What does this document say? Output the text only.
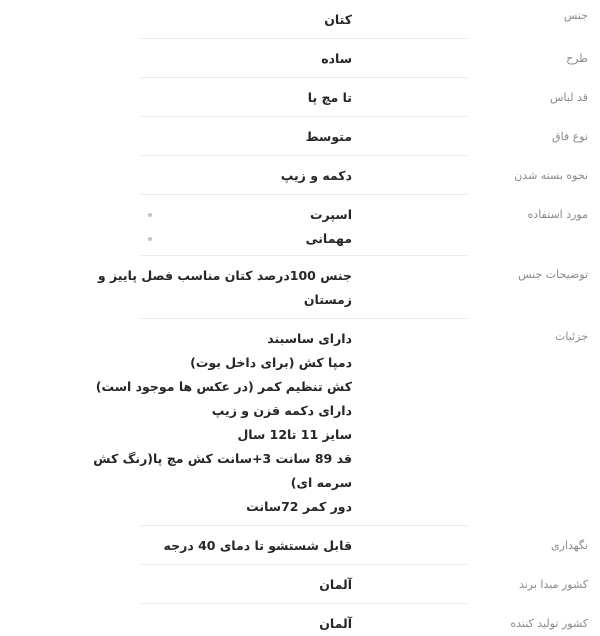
جنس
کتان
طرح
ساده
قد لباس
تا مچ پا
نوع فاق
متوسط
نحوه بسته شدن
دکمه و زیپ
مورد استفاده
اسپرت
مهمانی
توضیحات جنس
جنس 100درصد کتان مناسب فصل پاییز و
زمستان
جزئیات
دارای ساسبند
دمپا کش (برای داخل بوت)
کش تنظیم کمر (در عکس ها موجود است)
دارای دکمه قزن و زیپ
سایز 11 تا12 سال
قد 89 سانت 3+سانت کش مچ پا(رنگ کش
سرمه ای)
دور کمر 72سانت
نگهداری
قابل شستشو تا دمای 40 درجه
کشور مبدا برند
آلمان
کشور تولید کننده
آلمان
